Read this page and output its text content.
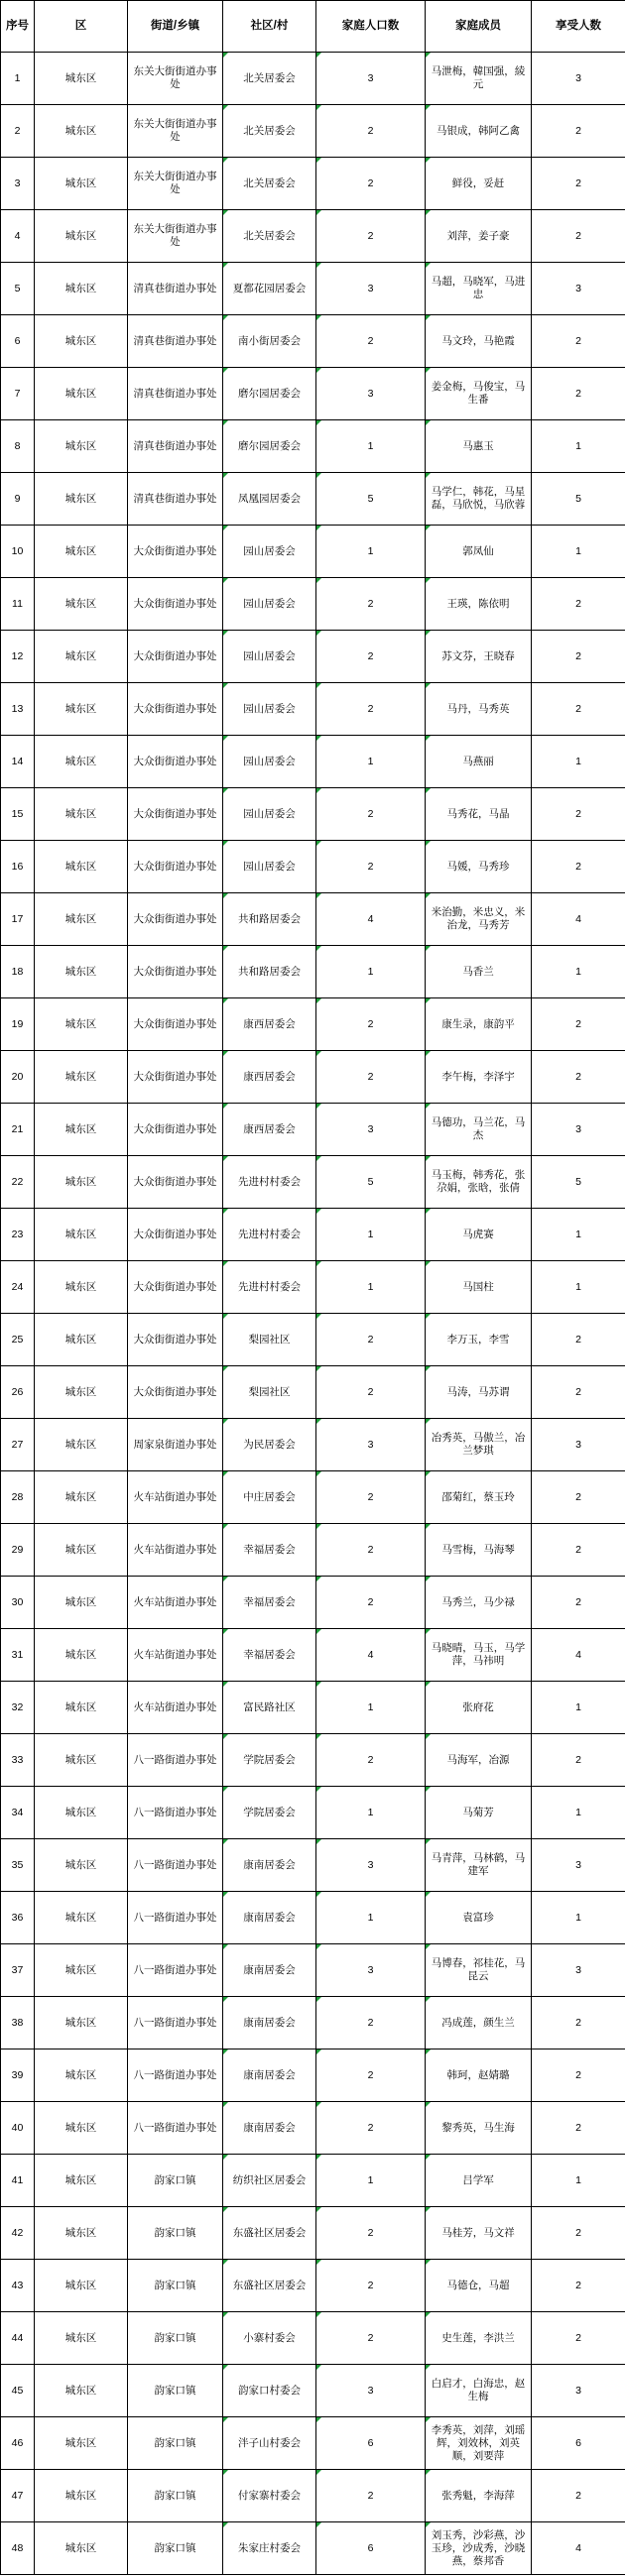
序号	区	街道/乡镇	社区/村	家庭人口数	家庭成员	享受人数
1	城东区	东关大街街道办事处	北关居委会	3	马泄梅，韓国强，綾元	3
2	城东区	东关大街街道办事处	北关居委会	2	马银成，韩阿乙禽	2
3	城东区	东关大街街道办事处	北关居委会	2	鲜役，妥赶	2
4	城东区	东关大街街道办事处	北关居委会	2	刘萍，姜子豪	2
5	城东区	清真巷街道办事处	夏都花园居委会	3	马超，马晓军，马进忠	3
6	城东区	清真巷街道办事处	南小街居委会	2	马文玲，马艳霞	2
7	城东区	清真巷街道办事处	磨尔园居委会	3	姜金梅，马俊宝，马生番	2
8	城东区	清真巷街道办事处	磨尔园居委会	1	马惠玉	1
9	城东区	清真巷街道办事处	凤凰园居委会	5	马学仁，韩花，马星磊，马欣悦，马欣蓉	5
10	城东区	大众街街道办事处	园山居委会	1	郭凤仙	1
11	城东区	大众街街道办事处	园山居委会	2	王瑛，陈依明	2
12	城东区	大众街街道办事处	园山居委会	2	苏文芬，王晓春	2
13	城东区	大众街街道办事处	园山居委会	2	马丹，马秀英	2
14	城东区	大众街街道办事处	园山居委会	1	马燕丽	1
15	城东区	大众街街道办事处	园山居委会	2	马秀花，马晶	2
16	城东区	大众街街道办事处	园山居委会	2	马媛，马秀珍	2
17	城东区	大众街街道办事处	共和路居委会	4	米治勤，米忠义，米治龙，马秀芳	4
18	城东区	大众街街道办事处	共和路居委会	1	马香兰	1
19	城东区	大众街街道办事处	康西居委会	2	康生录，康韵平	2
20	城东区	大众街街道办事处	康西居委会	2	李午梅，李泽宇	2
21	城东区	大众街街道办事处	康西居委会	3	马德功，马兰花，马杰	3
22	城东区	大众街街道办事处	先进村村委会	5	马玉梅，韩秀花，张尕娟，张晗，张倩	5
23	城东区	大众街街道办事处	先进村村委会	1	马虎赛	1
24	城东区	大众街街道办事处	先进村村委会	1	马国柱	1
25	城东区	大众街街道办事处	梨园社区	2	李万玉，李雪	2
26	城东区	大众街街道办事处	梨园社区	2	马涛，马苏谓	2
27	城东区	周家泉街道办事处	为民居委会	3	冶秀英，马傲兰，冶兰梦琪	3
28	城东区	火车站街道办事处	中庄居委会	2	邵菊红，蔡玉玲	2
29	城东区	火车站街道办事处	幸福居委会	2	马雪梅，马海琴	2
30	城东区	火车站街道办事处	幸福居委会	2	马秀兰，马少禄	2
31	城东区	火车站街道办事处	幸福居委会	4	马晓晴，马玉，马学萍，马祎明	4
32	城东区	火车站街道办事处	富民路社区	1	张府花	1
33	城东区	八一路街道办事处	学院居委会	2	马海军，冶源	2
34	城东区	八一路街道办事处	学院居委会	1	马菊芳	1
35	城东区	八一路街道办事处	康南居委会	3	马青萍，马林鹤，马建军	3
36	城东区	八一路街道办事处	康南居委会	1	袁富珍	1
37	城东区	八一路街道办事处	康南居委会	3	马博春，祁桂花，马昆云	3
38	城东区	八一路街道办事处	康南居委会	2	冯成莲，颜生兰	2
39	城东区	八一路街道办事处	康南居委会	2	韩珂，赵婧璐	2
40	城东区	八一路街道办事处	康南居委会	2	黎秀英，马生海	2
41	城东区	韵家口镇	纺织社区居委会	1	吕学军	1
42	城东区	韵家口镇	东盛社区居委会	2	马桂芳，马文祥	2
43	城东区	韵家口镇	东盛社区居委会	2	马德仓，马超	2
44	城东区	韵家口镇	小寨村委会	2	史生莲，李洪兰	2
45	城东区	韵家口镇	韵家口村委会	3	白启才，白海忠，赵生梅	3
46	城东区	韵家口镇	泮子山村委会	6	李秀英，刘萍，刘瑶辉，刘效林，刘英顺，刘要萍	6
47	城东区	韵家口镇	付家寨村委会	2	张秀魁，李海萍	2
48	城东区	韵家口镇	朱家庄村委会	6	刘玉秀，沙彩燕，沙玉珍，沙成秀，沙晓燕，蔡邦香	4
